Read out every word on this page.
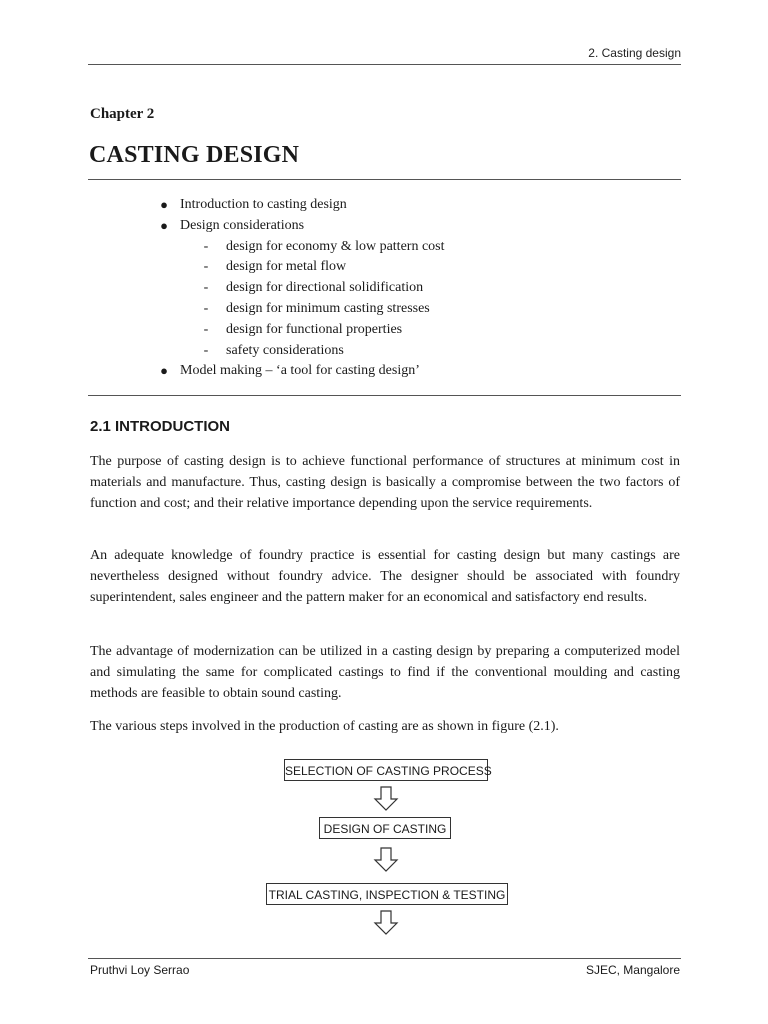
2. Casting design
Chapter 2
CASTING DESIGN
● Introduction to casting design
● Design considerations
- design for economy & low pattern cost
- design for metal flow
- design for directional solidification
- design for minimum casting stresses
- design for functional properties
- safety considerations
● Model making – ‘a tool for casting design’
2.1 INTRODUCTION

The purpose of casting design is to achieve functional performance of structures at minimum cost in materials and manufacture. Thus, casting design is basically a compromise between the two factors of function and cost; and their relative importance depending upon the service requirements.

An adequate knowledge of foundry practice is essential for casting design but many castings are nevertheless designed without foundry advice. The designer should be associated with foundry superintendent, sales engineer and the pattern maker for an economical and satisfactory end results.

The advantage of modernization can be utilized in a casting design by preparing a computerized model and simulating the same for complicated castings to find if the conventional moulding and casting methods are feasible to obtain sound casting.

The various steps involved in the production of casting are as shown in figure (2.1).

SELECTION OF CASTING PROCESS
DESIGN OF CASTING
TRIAL CASTING, INSPECTION & TESTING
Pruthvi Loy Serrao	SJEC, Mangalore
